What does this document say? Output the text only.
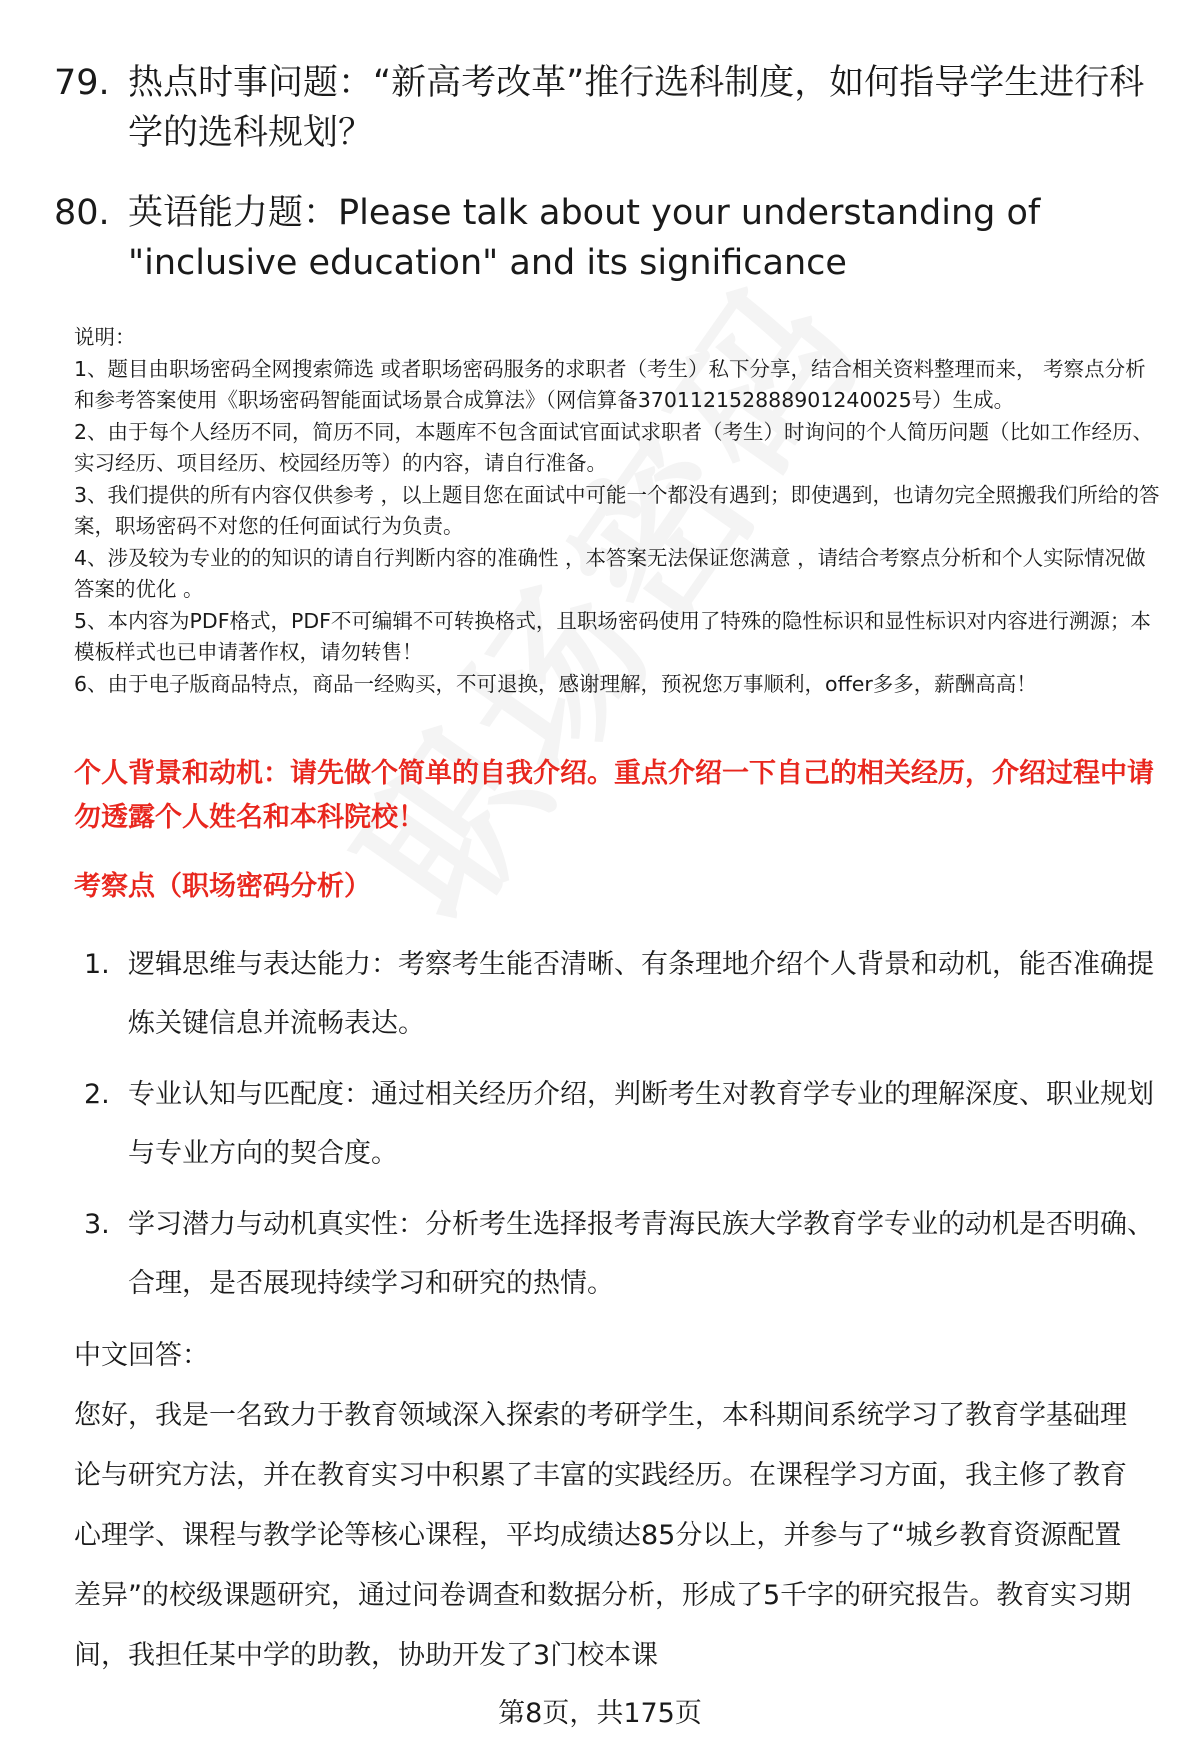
79. 热点时事问题：“新高考改革”推行选科制度，如何指导学生进行科学的选科规划？
80. 英语能力题：Please talk about your understanding of "inclusive education" and its significance
说明：
1、题目由职场密码全网搜索筛选 或者职场密码服务的求职者（考生）私下分享，结合相关资料整理而来， 考察点分析和参考答案使用《职场密码智能面试场景合成算法》（网信算备370112152888901240025号）生成。
2、由于每个人经历不同，简历不同，本题库不包含面试官面试求职者（考生）时询问的个人简历问题（比如工作经历、实习经历、项目经历、校园经历等）的内容，请自行准备。
3、我们提供的所有内容仅供参考 ，以上题目您在面试中可能一个都没有遇到；即使遇到，也请勿完全照搬我们所给的答案，职场密码不对您的任何面试行为负责。
4、涉及较为专业的的知识的请自行判断内容的准确性 ，本答案无法保证您满意 ，请结合考察点分析和个人实际情况做答案的优化 。
5、本内容为PDF格式，PDF不可编辑不可转换格式，且职场密码使用了特殊的隐性标识和显性标识对内容进行溯源；本模板样式也已申请著作权，请勿转售！
6、由于电子版商品特点，商品一经购买，不可退换，感谢理解，预祝您万事顺利，offer多多，薪酬高高！
个人背景和动机：请先做个简单的自我介绍。重点介绍一下自己的相关经历，介绍过程中请勿透露个人姓名和本科院校！
考察点（职场密码分析）
1. 逻辑思维与表达能力：考察考生能否清晰、有条理地介绍个人背景和动机，能否准确提炼关键信息并流畅表达。
2. 专业认知与匹配度：通过相关经历介绍，判断考生对教育学专业的理解深度、职业规划与专业方向的契合度。
3. 学习潜力与动机真实性：分析考生选择报考青海民族大学教育学专业的动机是否明确、合理，是否展现持续学习和研究的热情。
中文回答：
您好，我是一名致力于教育领域深入探索的考研学生，本科期间系统学习了教育学基础理论与研究方法，并在教育实习中积累了丰富的实践经历。在课程学习方面，我主修了教育心理学、课程与教学论等核心课程，平均成绩达85分以上，并参与了“城乡教育资源配置差异”的校级课题研究，通过问卷调查和数据分析，形成了5千字的研究报告。教育实习期间，我担任某中学的助教，协助开发了3门校本课
第8页，共175页
